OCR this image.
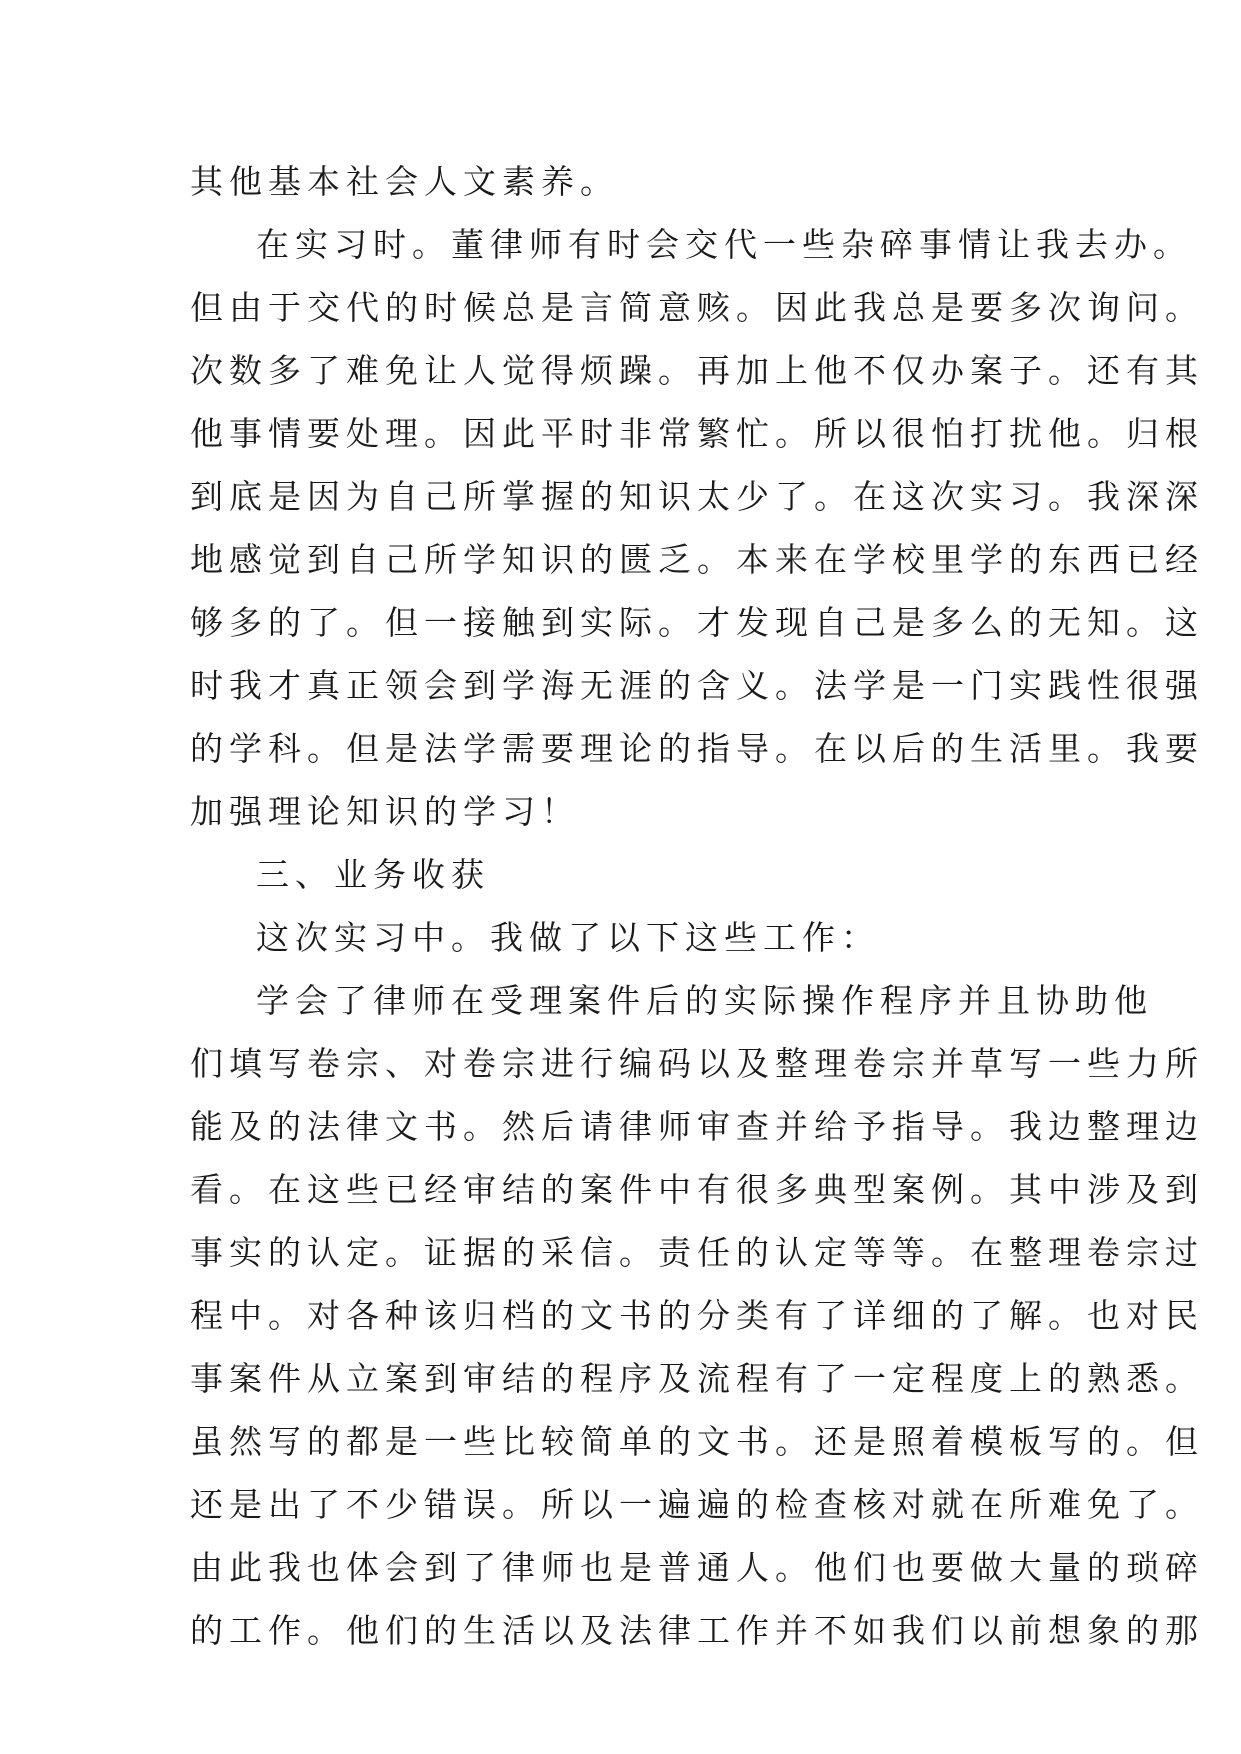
其他基本社会人文素养。
在实习时。董律师有时会交代一些杂碎事情让我去办。
但由于交代的时候总是言简意赅。因此我总是要多次询问。
次数多了难免让人觉得烦躁。再加上他不仅办案子。还有其
他事情要处理。因此平时非常繁忙。所以很怕打扰他。归根
到底是因为自己所掌握的知识太少了。在这次实习。我深深
地感觉到自己所学知识的匮乏。本来在学校里学的东西已经
够多的了。但一接触到实际。才发现自己是多么的无知。这
时我才真正领会到学海无涯的含义。法学是一门实践性很强
的学科。但是法学需要理论的指导。在以后的生活里。我要
加强理论知识的学习！
三、业务收获
这次实习中。我做了以下这些工作：
学会了律师在受理案件后的实际操作程序并且协助他
们填写卷宗、对卷宗进行编码以及整理卷宗并草写一些力所
能及的法律文书。然后请律师审查并给予指导。我边整理边
看。在这些已经审结的案件中有很多典型案例。其中涉及到
事实的认定。证据的采信。责任的认定等等。在整理卷宗过
程中。对各种该归档的文书的分类有了详细的了解。也对民
事案件从立案到审结的程序及流程有了一定程度上的熟悉。
虽然写的都是一些比较简单的文书。还是照着模板写的。但
还是出了不少错误。所以一遍遍的检查核对就在所难免了。
由此我也体会到了律师也是普通人。他们也要做大量的琐碎
的工作。他们的生活以及法律工作并不如我们以前想象的那
